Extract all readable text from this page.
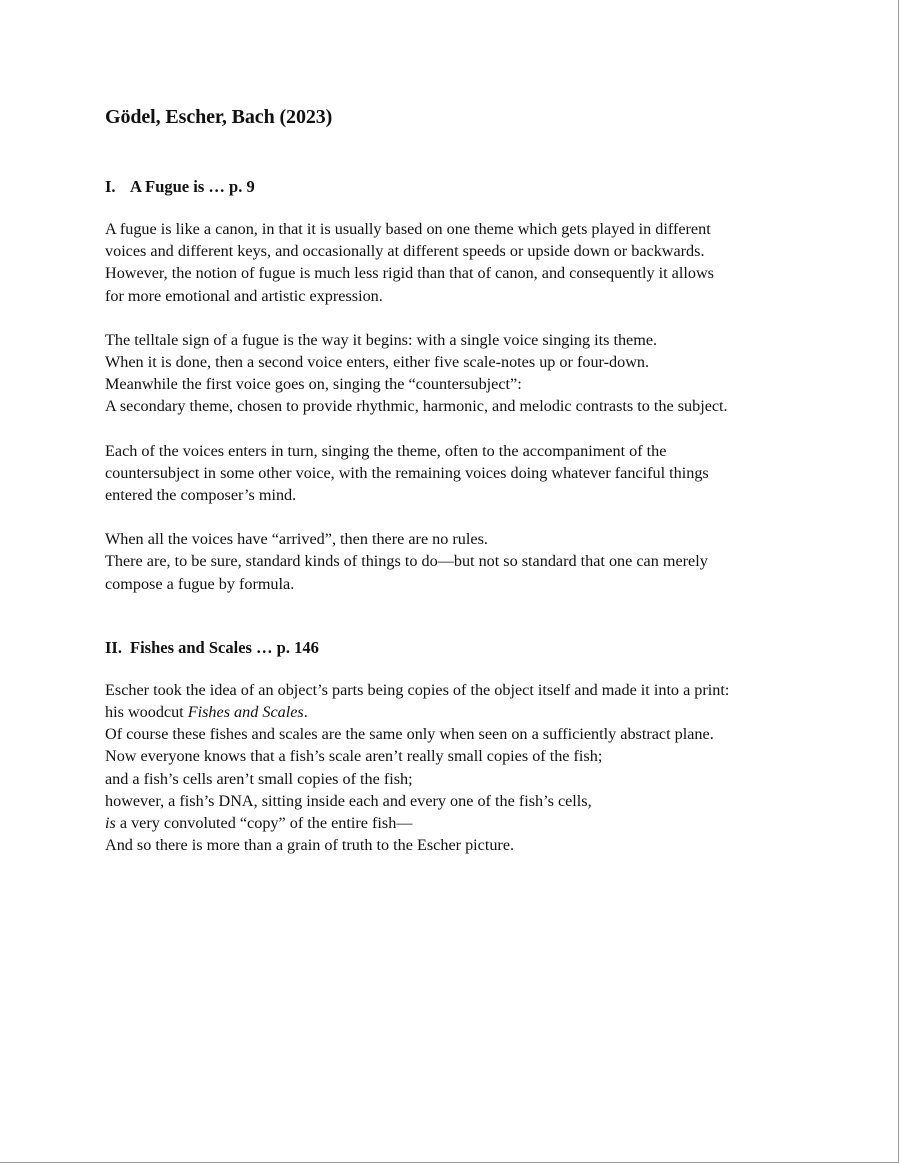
Gödel, Escher, Bach (2023)
I. A Fugue is … p. 9

A fugue is like a canon, in that it is usually based on one theme which gets played in different
voices and different keys, and occasionally at different speeds or upside down or backwards.
However, the notion of fugue is much less rigid than that of canon, and consequently it allows
for more emotional and artistic expression.

The telltale sign of a fugue is the way it begins: with a single voice singing its theme.
When it is done, then a second voice enters, either five scale-notes up or four-down.
Meanwhile the first voice goes on, singing the “countersubject”:
A secondary theme, chosen to provide rhythmic, harmonic, and melodic contrasts to the subject.

Each of the voices enters in turn, singing the theme, often to the accompaniment of the
countersubject in some other voice, with the remaining voices doing whatever fanciful things
entered the composer’s mind.

When all the voices have “arrived”, then there are no rules.
There are, to be sure, standard kinds of things to do—but not so standard that one can merely
compose a fugue by formula.

II. Fishes and Scales … p. 146

Escher took the idea of an object’s parts being copies of the object itself and made it into a print:
his woodcut Fishes and Scales.
Of course these fishes and scales are the same only when seen on a sufficiently abstract plane.
Now everyone knows that a fish’s scale aren’t really small copies of the fish;
and a fish’s cells aren’t small copies of the fish;
however, a fish’s DNA, sitting inside each and every one of the fish’s cells,
is a very convoluted “copy” of the entire fish—
And so there is more than a grain of truth to the Escher picture.
